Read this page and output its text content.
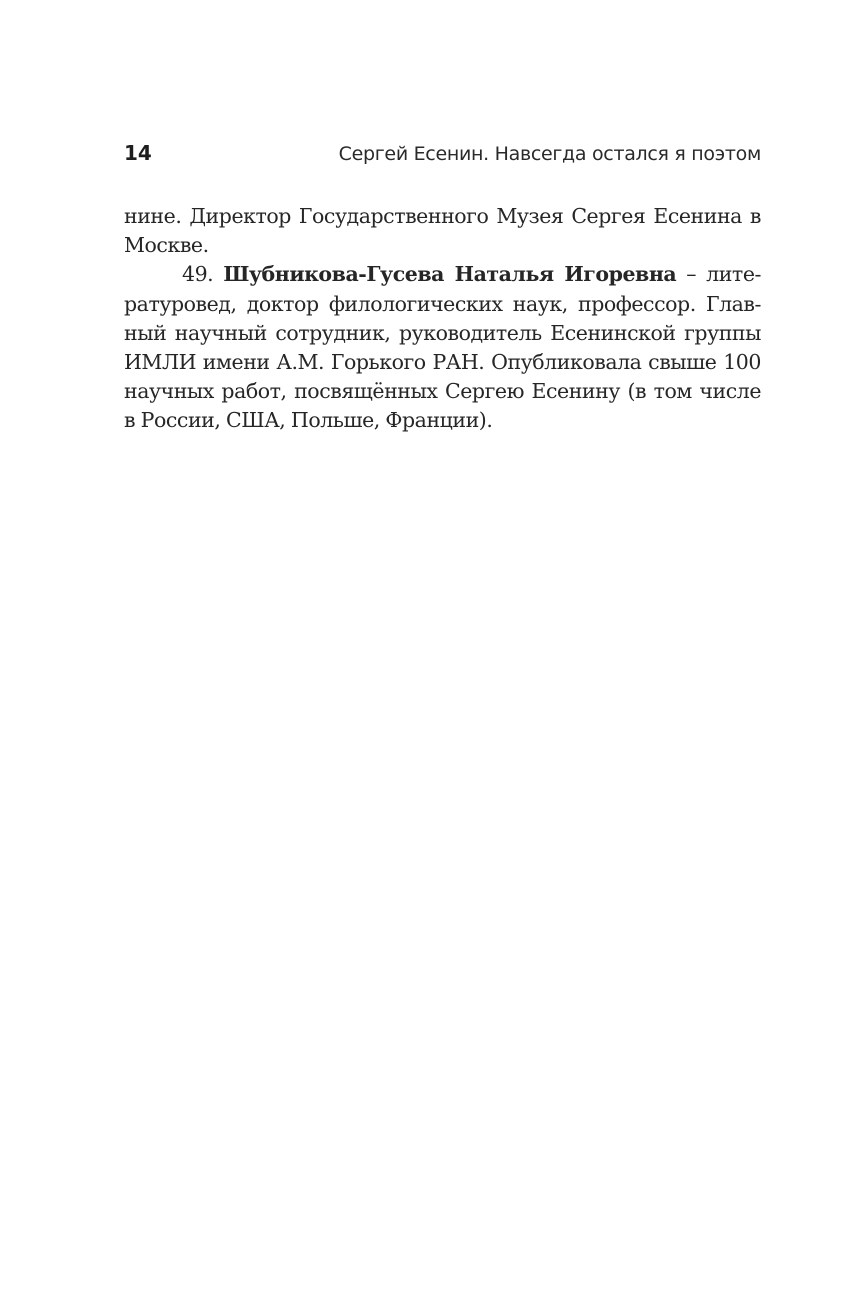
14	Сергей Есенин. Навсегда остался я поэтом
нине. Директор Государственного Музея Сергея Есенина в
Москве.
49. Шубникова-Гусева Наталья Игоревна – лите-
ратуровед, доктор филологических наук, профессор. Глав-
ный научный сотрудник, руководитель Есенинской группы
ИМЛИ имени А.М. Горького РАН. Опубликовала свыше 100
научных работ, посвящённых Сергею Есенину (в том числе
в России, США, Польше, Франции).
